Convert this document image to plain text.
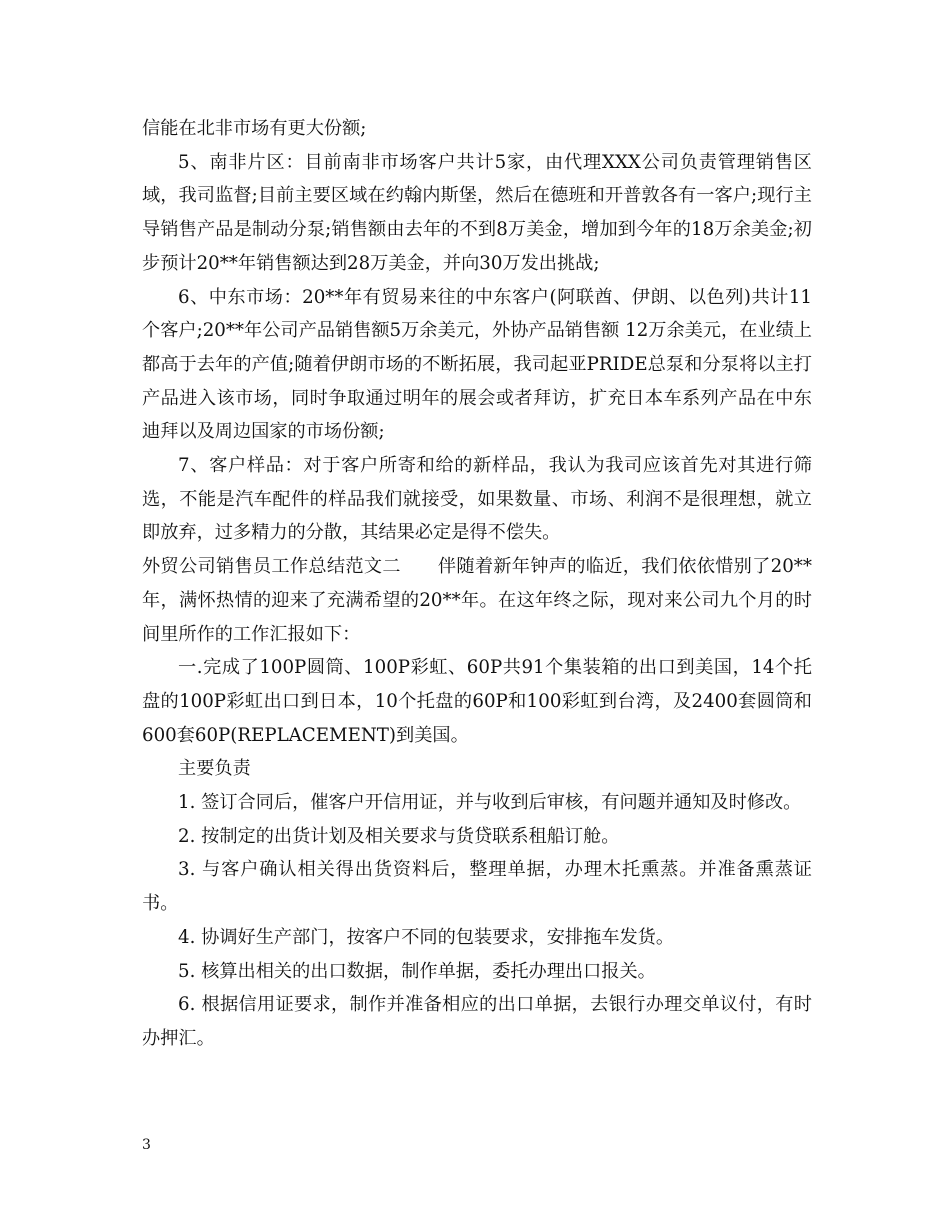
信能在北非市场有更大份额;

5、南非片区：目前南非市场客户共计5家，由代理XXX公司负责管理销售区域，我司监督;目前主要区域在约翰内斯堡，然后在德班和开普敦各有一客户;现行主导销售产品是制动分泵;销售额由去年的不到8万美金，增加到今年的18万余美金;初步预计20**年销售额达到28万美金，并向30万发出挑战;

6、中东市场：20**年有贸易来往的中东客户(阿联酋、伊朗、以色列)共计11个客户;20**年公司产品销售额5万余美元，外协产品销售额 12万余美元，在业绩上都高于去年的产值;随着伊朗市场的不断拓展，我司起亚PRIDE总泵和分泵将以主打产品进入该市场，同时争取通过明年的展会或者拜访，扩充日本车系列产品在中东迪拜以及周边国家的市场份额;

7、客户样品：对于客户所寄和给的新样品，我认为我司应该首先对其进行筛选，不能是汽车配件的样品我们就接受，如果数量、市场、利润不是很理想，就立即放弃，过多精力的分散，其结果必定是得不偿失。

外贸公司销售员工作总结范文二　　伴随着新年钟声的临近，我们依依惜别了20**年，满怀热情的迎来了充满希望的20**年。在这年终之际，现对来公司九个月的时间里所作的工作汇报如下：

一.完成了100P圆筒、100P彩虹、60P共91个集装箱的出口到美国，14个托盘的100P彩虹出口到日本，10个托盘的60P和100彩虹到台湾，及2400套圆筒和600套60P(REPLACEMENT)到美国。

主要负责

1. 签订合同后，催客户开信用证，并与收到后审核，有问题并通知及时修改。

2. 按制定的出货计划及相关要求与货贷联系租船订舱。

3. 与客户确认相关得出货资料后，整理单据，办理木托熏蒸。并准备熏蒸证书。

4. 协调好生产部门，按客户不同的包装要求，安排拖车发货。

5. 核算出相关的出口数据，制作单据，委托办理出口报关。

6. 根据信用证要求，制作并准备相应的出口单据，去银行办理交单议付，有时办押汇。

3
